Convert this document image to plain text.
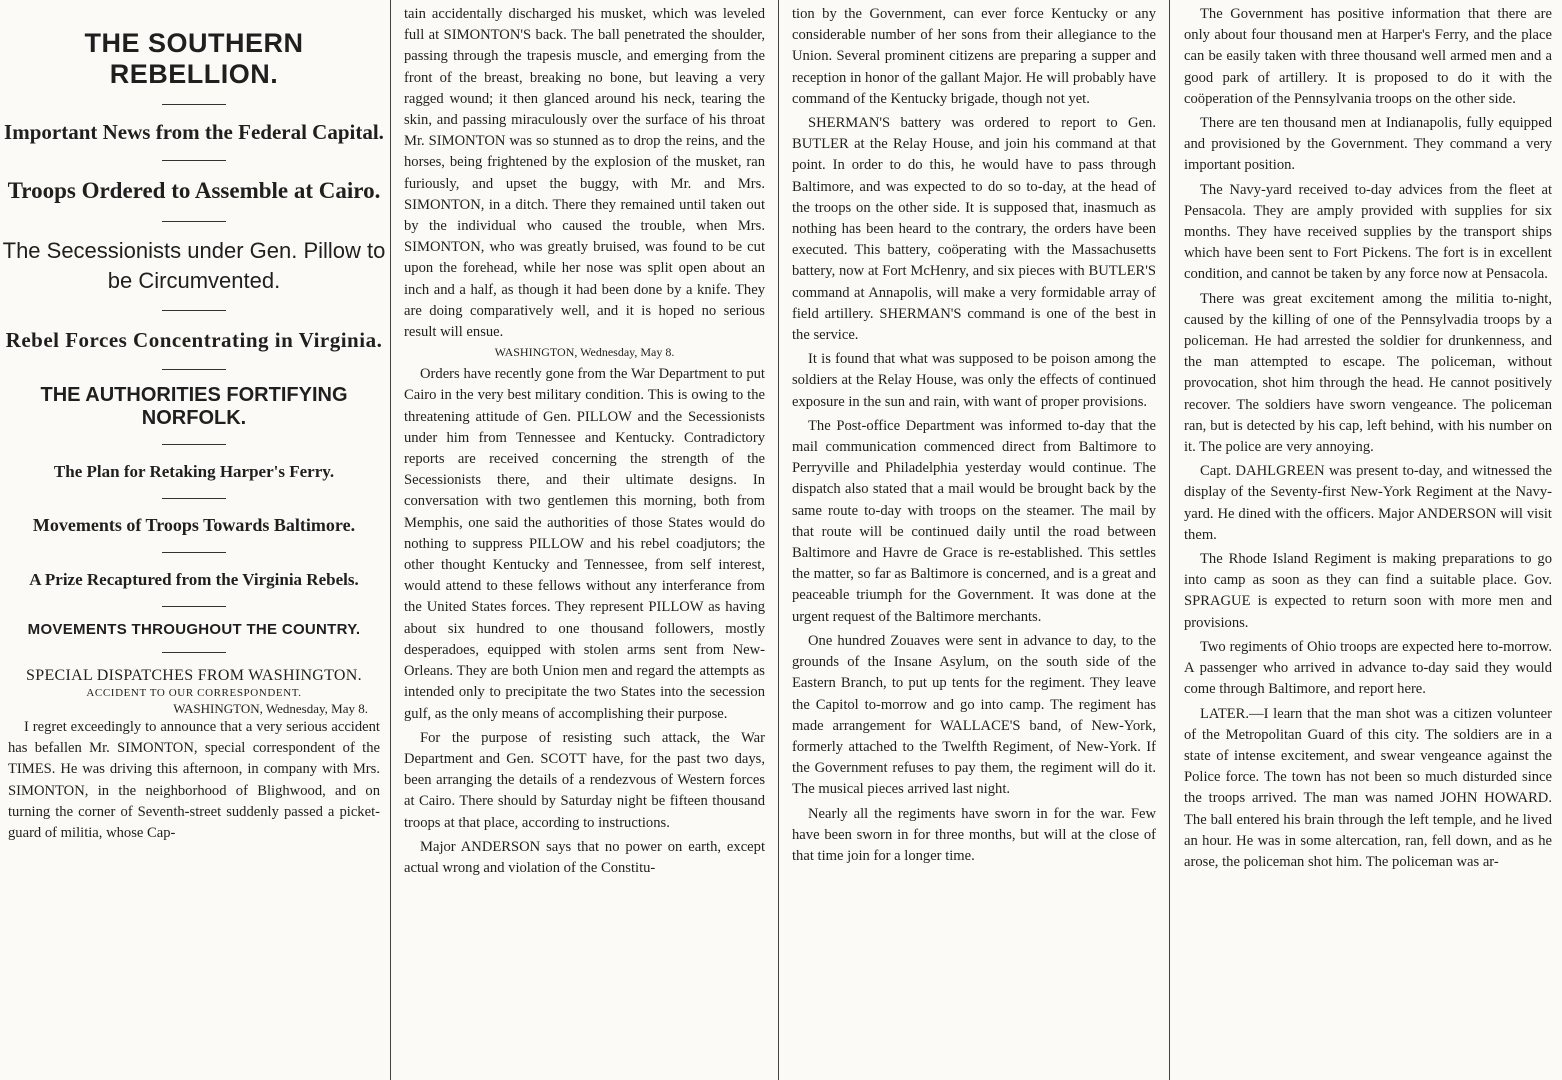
THE SOUTHERN REBELLION.
Important News from the Federal Capital.
Troops Ordered to Assemble at Cairo.
The Secessionists under Gen. Pillow to be Circumvented.
Rebel Forces Concentrating in Virginia.
THE AUTHORITIES FORTIFYING NORFOLK.
The Plan for Retaking Harper's Ferry.
Movements of Troops Towards Baltimore.
A Prize Recaptured from the Virginia Rebels.
MOVEMENTS THROUGHOUT THE COUNTRY.
SPECIAL DISPATCHES FROM WASHINGTON.
ACCIDENT TO OUR CORRESPONDENT.
WASHINGTON, Wednesday, May 8.

I regret exceedingly to announce that a very serious accident has befallen Mr. SIMONTON, special correspondent of the TIMES. He was driving this afternoon, in company with Mrs. SIMONTON, in the neighborhood of Blighwood, and on turning the corner of Seventh-street suddenly passed a picket-guard of militia, whose Cap-

tain accidentally discharged his musket, which was leveled full at SIMONTON'S back. The ball penetrated the shoulder, passing through the trapesis muscle, and emerging from the front of the breast, breaking no bone, but leaving a very ragged wound; it then glanced around his neck, tearing the skin, and passing miraculously over the surface of his throat Mr. SIMONTON was so stunned as to drop the reins, and the horses, being frightened by the explosion of the musket, ran furiously, and upset the buggy, with Mr. and Mrs. SIMONTON, in a ditch. There they remained until taken out by the individual who caused the trouble, when Mrs. SIMONTON, who was greatly bruised, was found to be cut upon the forehead, while her nose was split open about an inch and a half, as though it had been done by a knife. They are doing comparatively well, and it is hoped no serious result will ensue.

WASHINGTON, Wednesday, May 8.

Orders have recently gone from the War Department to put Cairo in the very best military condition. This is owing to the threatening attitude of Gen. PILLOW and the Secessionists under him from Tennessee and Kentucky. Contradictory reports are received concerning the strength of the Secessionists there, and their ultimate designs. In conversation with two gentlemen this morning, both from Memphis, one said the authorities of those States would do nothing to suppress PILLOW and his rebel coadjutors; the other thought Kentucky and Tennessee, from self interest, would attend to these fellows without any interferance from the United States forces. They represent PILLOW as having about six hundred to one thousand followers, mostly desperadoes, equipped with stolen arms sent from New-Orleans. They are both Union men and regard the attempts as intended only to precipitate the two States into the secession gulf, as the only means of accomplishing their purpose.

For the purpose of resisting such attack, the War Department and Gen. SCOTT have, for the past two days, been arranging the details of a rendezvous of Western forces at Cairo. There should by Saturday night be fifteen thousand troops at that place, according to instructions.

Major ANDERSON says that no power on earth, except actual wrong and violation of the Constitu-

tion by the Government, can ever force Kentucky or any considerable number of her sons from their allegiance to the Union. Several prominent citizens are preparing a supper and reception in honor of the gallant Major. He will probably have command of the Kentucky brigade, though not yet.

SHERMAN'S battery was ordered to report to Gen. BUTLER at the Relay House, and join his command at that point. In order to do this, he would have to pass through Baltimore, and was expected to do so to-day, at the head of the troops on the other side. It is supposed that, inasmuch as nothing has been heard to the contrary, the orders have been executed. This battery, coöperating with the Massachusetts battery, now at Fort McHenry, and six pieces with BUTLER'S command at Annapolis, will make a very formidable array of field artillery. SHERMAN'S command is one of the best in the service.

It is found that what was supposed to be poison among the soldiers at the Relay House, was only the effects of continued exposure in the sun and rain, with want of proper provisions.

The Post-office Department was informed to-day that the mail communication commenced direct from Baltimore to Perryville and Philadelphia yesterday would continue. The dispatch also stated that a mail would be brought back by the same route to-day with troops on the steamer. The mail by that route will be continued daily until the road between Baltimore and Havre de Grace is re-established. This settles the matter, so far as Baltimore is concerned, and is a great and peaceable triumph for the Government. It was done at the urgent request of the Baltimore merchants.

One hundred Zouaves were sent in advance to day, to the grounds of the Insane Asylum, on the south side of the Eastern Branch, to put up tents for the regiment. They leave the Capitol to-morrow and go into camp. The regiment has made arrangement for WALLACE'S band, of New-York, formerly attached to the Twelfth Regiment, of New-York. If the Government refuses to pay them, the regiment will do it. The musical pieces arrived last night.

Nearly all the regiments have sworn in for the war. Few have been sworn in for three months, but will at the close of that time join for a longer time.

The Government has positive information that there are only about four thousand men at Harper's Ferry, and the place can be easily taken with three thousand well armed men and a good park of artillery. It is proposed to do it with the coöperation of the Pennsylvania troops on the other side.

There are ten thousand men at Indianapolis, fully equipped and provisioned by the Government. They command a very important position.

The Navy-yard received to-day advices from the fleet at Pensacola. They are amply provided with supplies for six months. They have received supplies by the transport ships which have been sent to Fort Pickens. The fort is in excellent condition, and cannot be taken by any force now at Pensacola.

There was great excitement among the militia to-night, caused by the killing of one of the Pennsylvadia troops by a policeman. He had arrested the soldier for drunkenness, and the man attempted to escape. The policeman, without provocation, shot him through the head. He cannot positively recover. The soldiers have sworn vengeance. The policeman ran, but is detected by his cap, left behind, with his number on it. The police are very annoying.

Capt. DAHLGREEN was present to-day, and witnessed the display of the Seventy-first New-York Regiment at the Navy-yard. He dined with the officers. Major ANDERSON will visit them.

The Rhode Island Regiment is making preparations to go into camp as soon as they can find a suitable place. Gov. SPRAGUE is expected to return soon with more men and provisions.

Two regiments of Ohio troops are expected here to-morrow. A passenger who arrived in advance to-day said they would come through Baltimore, and report here.

LATER.—I learn that the man shot was a citizen volunteer of the Metropolitan Guard of this city. The soldiers are in a state of intense excitement, and swear vengeance against the Police force. The town has not been so much disturded since the troops arrived. The man was named JOHN HOWARD. The ball entered his brain through the left temple, and he lived an hour. He was in some altercation, ran, fell down, and as he arose, the policeman shot him. The policeman was ar-
